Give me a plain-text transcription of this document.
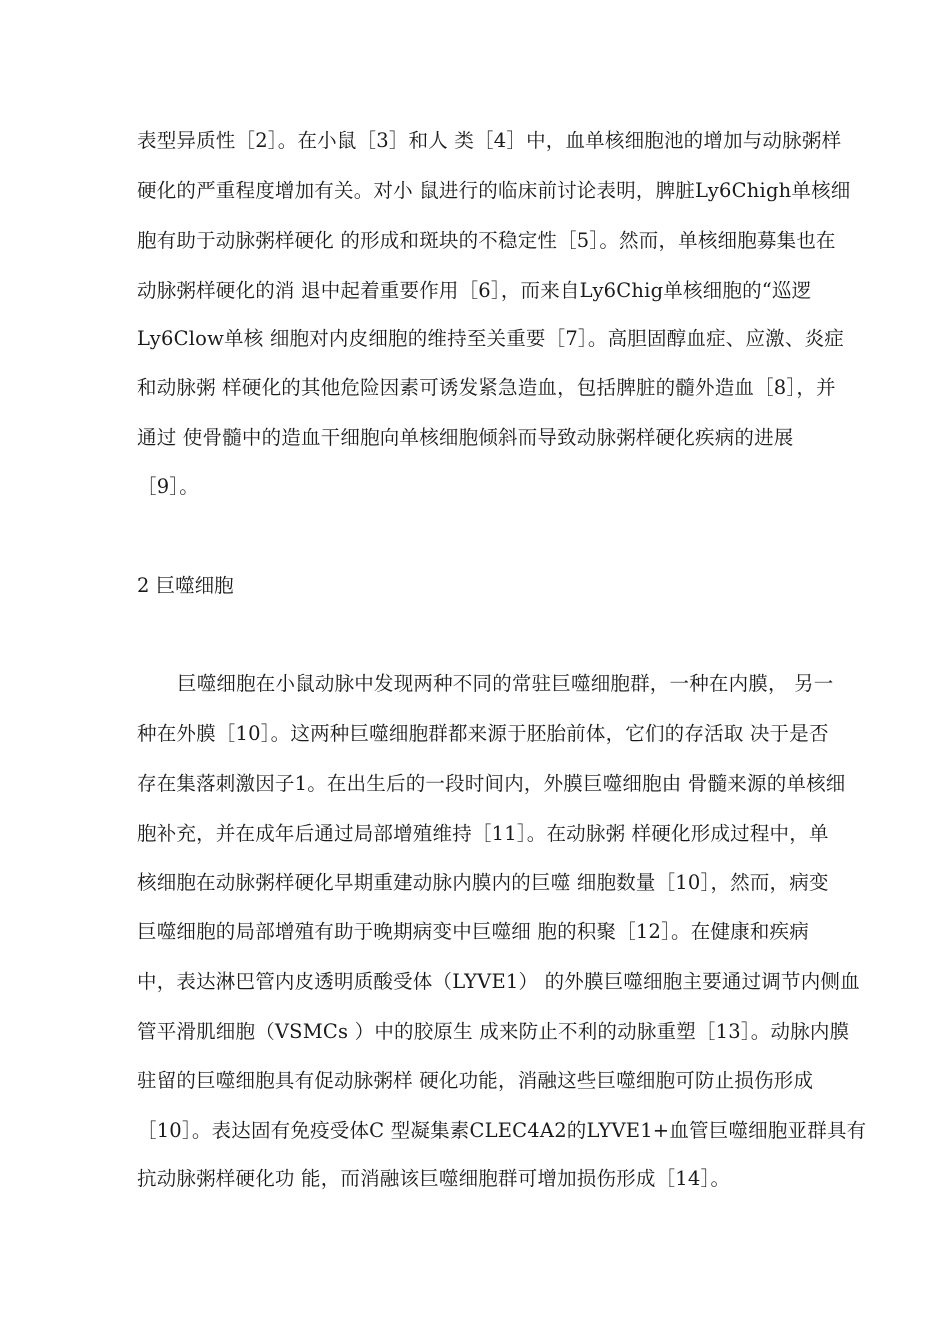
表型异质性［2］。在小鼠［3］和人 类［4］中，血单核细胞池的增加与动脉粥样
硬化的严重程度增加有关。对小 鼠进行的临床前讨论表明，脾脏Ly6Chigh单核细
胞有助于动脉粥样硬化 的形成和斑块的不稳定性［5］。然而，单核细胞募集也在
动脉粥样硬化的消 退中起着重要作用［6］，而来自Ly6Chig单核细胞的“巡逻
Ly6Clow单核 细胞对内皮细胞的维持至关重要［7］。高胆固醇血症、应激、炎症
和动脉粥 样硬化的其他危险因素可诱发紧急造血，包括脾脏的髓外造血［8］，并
通过 使骨髓中的造血干细胞向单核细胞倾斜而导致动脉粥样硬化疾病的进展
［9］。
2 巨噬细胞
巨噬细胞在小鼠动脉中发现两种不同的常驻巨噬细胞群，一种在内膜， 另一
种在外膜［10］。这两种巨噬细胞群都来源于胚胎前体，它们的存活取 决于是否
存在集落刺激因子1。在出生后的一段时间内，外膜巨噬细胞由 骨髓来源的单核细
胞补充，并在成年后通过局部增殖维持［11］。在动脉粥 样硬化形成过程中，单
核细胞在动脉粥样硬化早期重建动脉内膜内的巨噬 细胞数量［10］，然而，病变
巨噬细胞的局部增殖有助于晚期病变中巨噬细 胞的积聚［12］。在健康和疾病
中，表达淋巴管内皮透明质酸受体（LYVE1） 的外膜巨噬细胞主要通过调节内侧血
管平滑肌细胞（VSMCs ）中的胶原生 成来防止不利的动脉重塑［13］。动脉内膜
驻留的巨噬细胞具有促动脉粥样 硬化功能，消融这些巨噬细胞可防止损伤形成
［10］。表达固有免疫受体C 型凝集素CLEC4A2的LYVE1+血管巨噬细胞亚群具有
抗动脉粥样硬化功 能，而消融该巨噬细胞群可增加损伤形成［14］。
